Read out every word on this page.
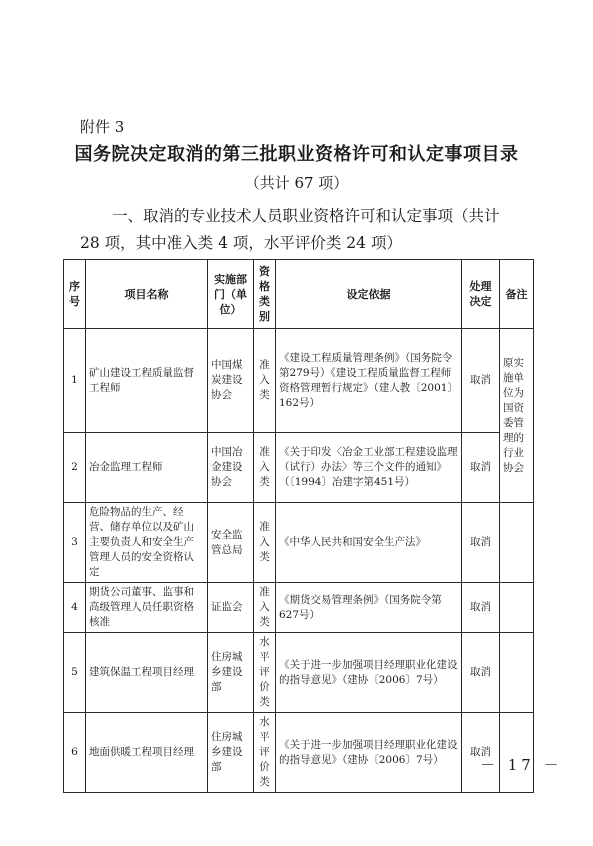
附件 3
国务院决定取消的第三批职业资格许可和认定事项目录
（共计 67 项）
一、取消的专业技术人员职业资格许可和认定事项（共计
28 项，其中准入类 4 项，水平评价类 24 项）
序号	项目名称	实施部门（单位）	资格类别	设定依据	处理决定	备注
1	矿山建设工程质量监督工程师	中国煤炭建设协会	准入类	《建设工程质量管理条例》（国务院令第279号）《建设工程质量监督工程师资格管理暂行规定》（建人教〔2001〕162号）	取消	原实施单位为国资委管理的行业协会
2	冶金监理工程师	中国冶金建设协会	准入类	《关于印发〈冶金工业部工程建设监理（试行）办法〉等三个文件的通知》（〔1994〕冶建字第451号）	取消	
3	危险物品的生产、经营、储存单位以及矿山主要负责人和安全生产管理人员的安全资格认定	安全监管总局	准入类	《中华人民共和国安全生产法》	取消	
4	期货公司董事、监事和高级管理人员任职资格核准	证监会	准入类	《期货交易管理条例》（国务院令第627号）	取消	
5	建筑保温工程项目经理	住房城乡建设部	水平评价类	《关于进一步加强项目经理职业化建设的指导意见》（建协〔2006〕7号）	取消	
6	地面供暖工程项目经理	住房城乡建设部	水平评价类	《关于进一步加强项目经理职业化建设的指导意见》（建协〔2006〕7号）	取消	
－ 17 －
